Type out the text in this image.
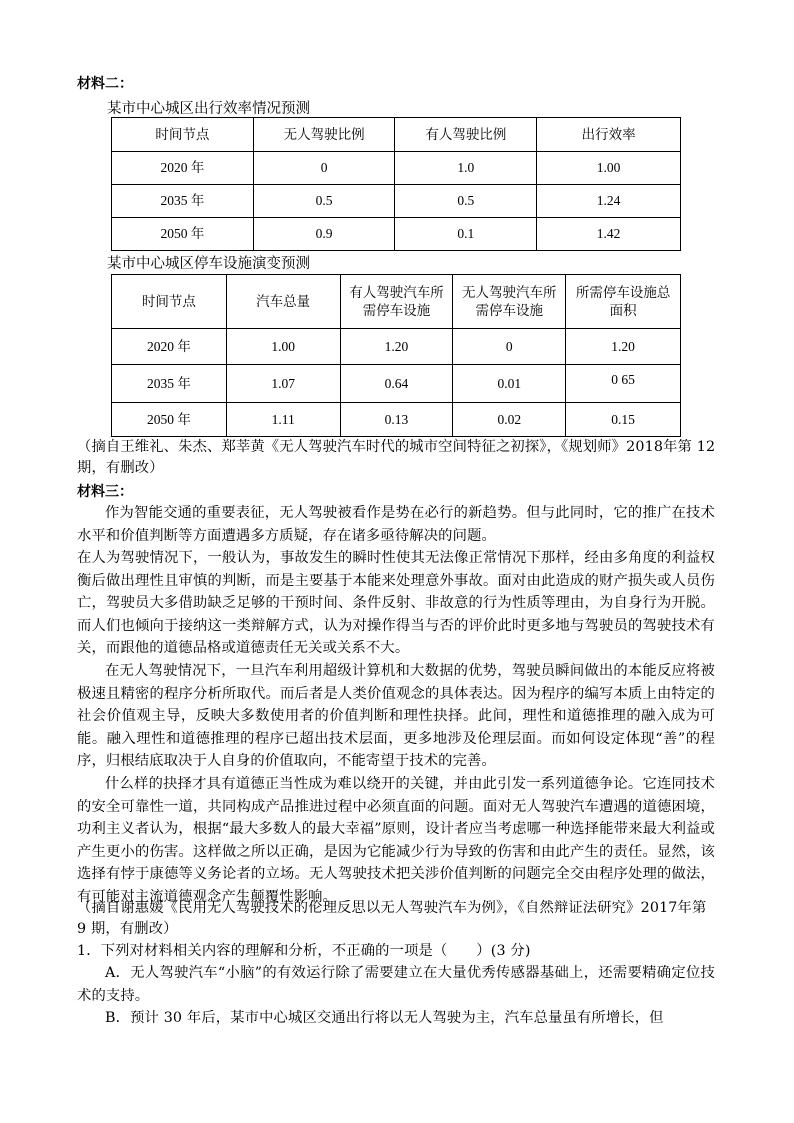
材料二：
某市中心城区出行效率情况预测
时间节点	无人驾驶比例	有人驾驶比例	出行效率
2020 年	0	1.0	1.00
2035 年	0.5	0.5	1.24
2050 年	0.9	0.1	1.42
某市中心城区停车设施演变预测
时间节点	汽车总量	有人驾驶汽车所需停车设施	无人驾驶汽车所需停车设施	所需停车设施总面积
2020 年	1.00	1.20	0	1.20
2035 年	1.07	0.64	0.01	0 65
2050 年	1.11	0.13	0.02	0.15
（摘自王维礼、朱杰、郑莘黄《无人驾驶汽车时代的城市空间特征之初探》，《规划师》2018年第 12 期，有删改）
材料三：
作为智能交通的重要表征，无人驾驶被看作是势在必行的新趋势。但与此同时，它的推广在技术水平和价值判断等方面遭遇多方质疑，存在诸多亟待解决的问题。
在人为驾驶情况下，一般认为，事故发生的瞬时性使其无法像正常情况下那样，经由多角度的利益权衡后做出理性且审慎的判断，而是主要基于本能来处理意外事故。面对由此造成的财产损失或人员伤亡，驾驶员大多借助缺乏足够的干预时间、条件反射、非故意的行为性质等理由，为自身行为开脱。而人们也倾向于接纳这一类辩解方式，认为对操作得当与否的评价此时更多地与驾驶员的驾驶技术有关，而跟他的道德品格或道德责任无关或关系不大。
在无人驾驶情况下，一旦汽车利用超级计算机和大数据的优势，驾驶员瞬间做出的本能反应将被极速且精密的程序分析所取代。而后者是人类价值观念的具体表达。因为程序的编写本质上由特定的社会价值观主导，反映大多数使用者的价值判断和理性抉择。此间，理性和道德推理的融入成为可能。融入理性和道德推理的程序已超出技术层面，更多地涉及伦理层面。而如何设定体现“善”的程序，归根结底取决于人自身的价值取向，不能寄望于技术的完善。
什么样的抉择才具有道德正当性成为难以绕开的关键，并由此引发一系列道德争论。它连同技术的安全可靠性一道，共同构成产品推进过程中必须直面的问题。面对无人驾驶汽车遭遇的道德困境，功利主义者认为，根据“最大多数人的最大幸福”原则，设计者应当考虑哪一种选择能带来最大利益或产生更小的伤害。这样做之所以正确，是因为它能减少行为导致的伤害和由此产生的责任。显然，该选择有悖于康德等义务论者的立场。无人驾驶技术把关涉价值判断的问题完全交由程序处理的做法，有可能对主流道德观念产生颠覆性影响。
（摘自谢惠媛《民用无人驾驶技术的伦理反思以无人驾驶汽车为例》，《自然辩证法研究》2017年第 9 期，有删改）
1．下列对材料相关内容的理解和分析，不正确的一项是（　　）(3 分)
A．无人驾驶汽车“小脑”的有效运行除了需要建立在大量优秀传感器基础上，还需要精确定位技术的支持。
B．预计 30 年后，某市中心城区交通出行将以无人驾驶为主，汽车总量虽有所增长，但
